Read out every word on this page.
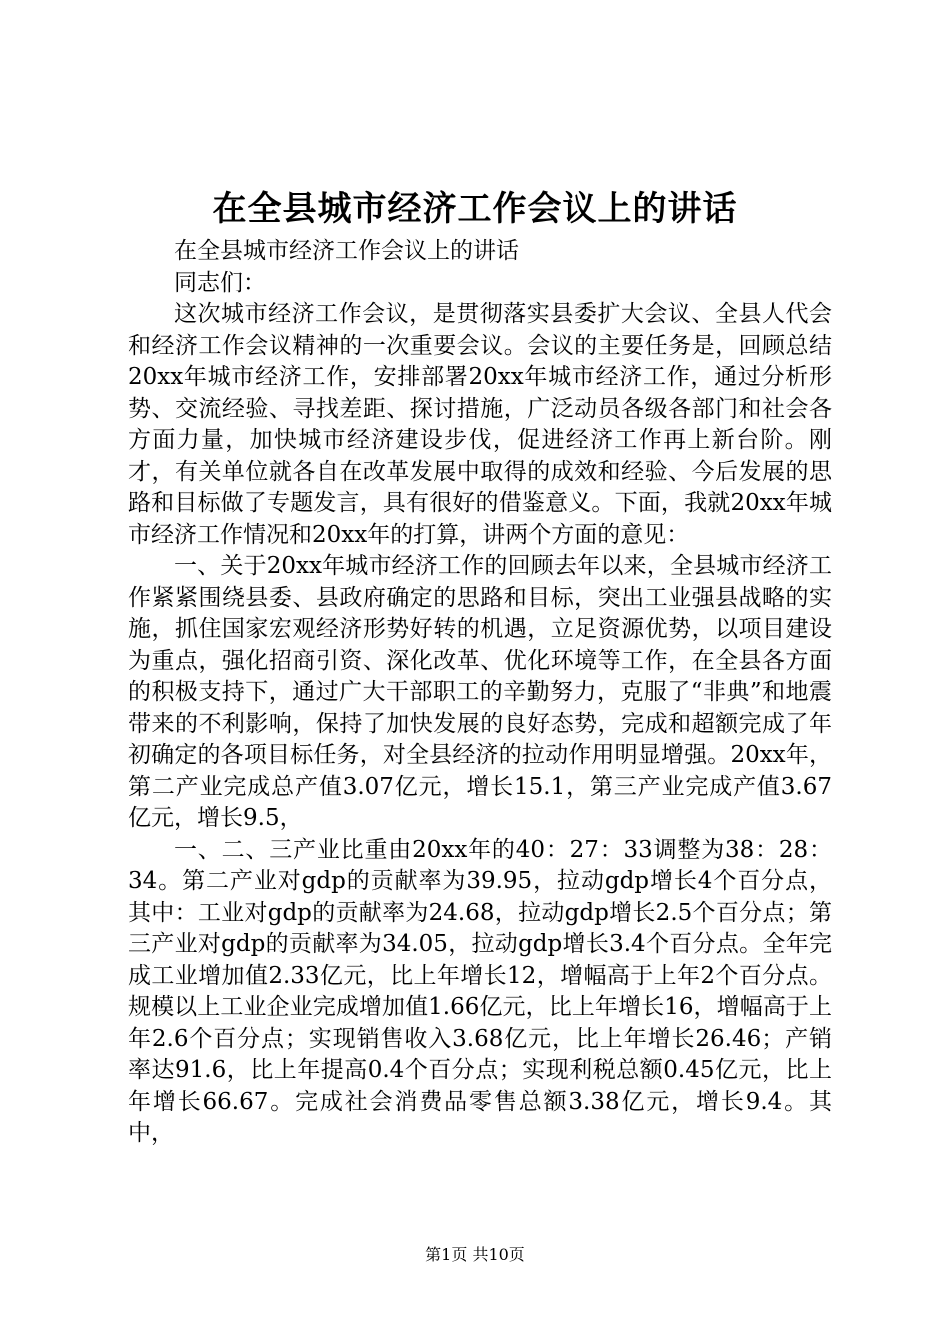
在全县城市经济工作会议上的讲话

在全县城市经济工作会议上的讲话

同志们：

这次城市经济工作会议，是贯彻落实县委扩大会议、全县人代会和经济工作会议精神的一次重要会议。会议的主要任务是，回顾总结20xx年城市经济工作，安排部署20xx年城市经济工作，通过分析形势、交流经验、寻找差距、探讨措施，广泛动员各级各部门和社会各方面力量，加快城市经济建设步伐，促进经济工作再上新台阶。刚才，有关单位就各自在改革发展中取得的成效和经验、今后发展的思路和目标做了专题发言，具有很好的借鉴意义。下面，我就20xx年城市经济工作情况和20xx年的打算，讲两个方面的意见：

一、关于20xx年城市经济工作的回顾去年以来，全县城市经济工作紧紧围绕县委、县政府确定的思路和目标，突出工业强县战略的实施，抓住国家宏观经济形势好转的机遇，立足资源优势，以项目建设为重点，强化招商引资、深化改革、优化环境等工作，在全县各方面的积极支持下，通过广大干部职工的辛勤努力，克服了“非典”和地震带来的不利影响，保持了加快发展的良好态势，完成和超额完成了年初确定的各项目标任务，对全县经济的拉动作用明显增强。20xx年，第二产业完成总产值3.07亿元，增长15.1，第三产业完成产值3.67亿元，增长9.5，

一、二、三产业比重由20xx年的40：27：33调整为38：28：34。第二产业对gdp的贡献率为39.95，拉动gdp增长4个百分点，其中：工业对gdp的贡献率为24.68，拉动gdp增长2.5个百分点；第三产业对gdp的贡献率为34.05，拉动gdp增长3.4个百分点。全年完成工业增加值2.33亿元，比上年增长12，增幅高于上年2个百分点。规模以上工业企业完成增加值1.66亿元，比上年增长16，增幅高于上年2.6个百分点；实现销售收入3.68亿元，比上年增长26.46；产销率达91.6，比上年提高0.4个百分点；实现利税总额0.45亿元，比上年增长66.67。完成社会消费品零售总额3.38亿元，增长9.4。其中，

第1页 共10页
